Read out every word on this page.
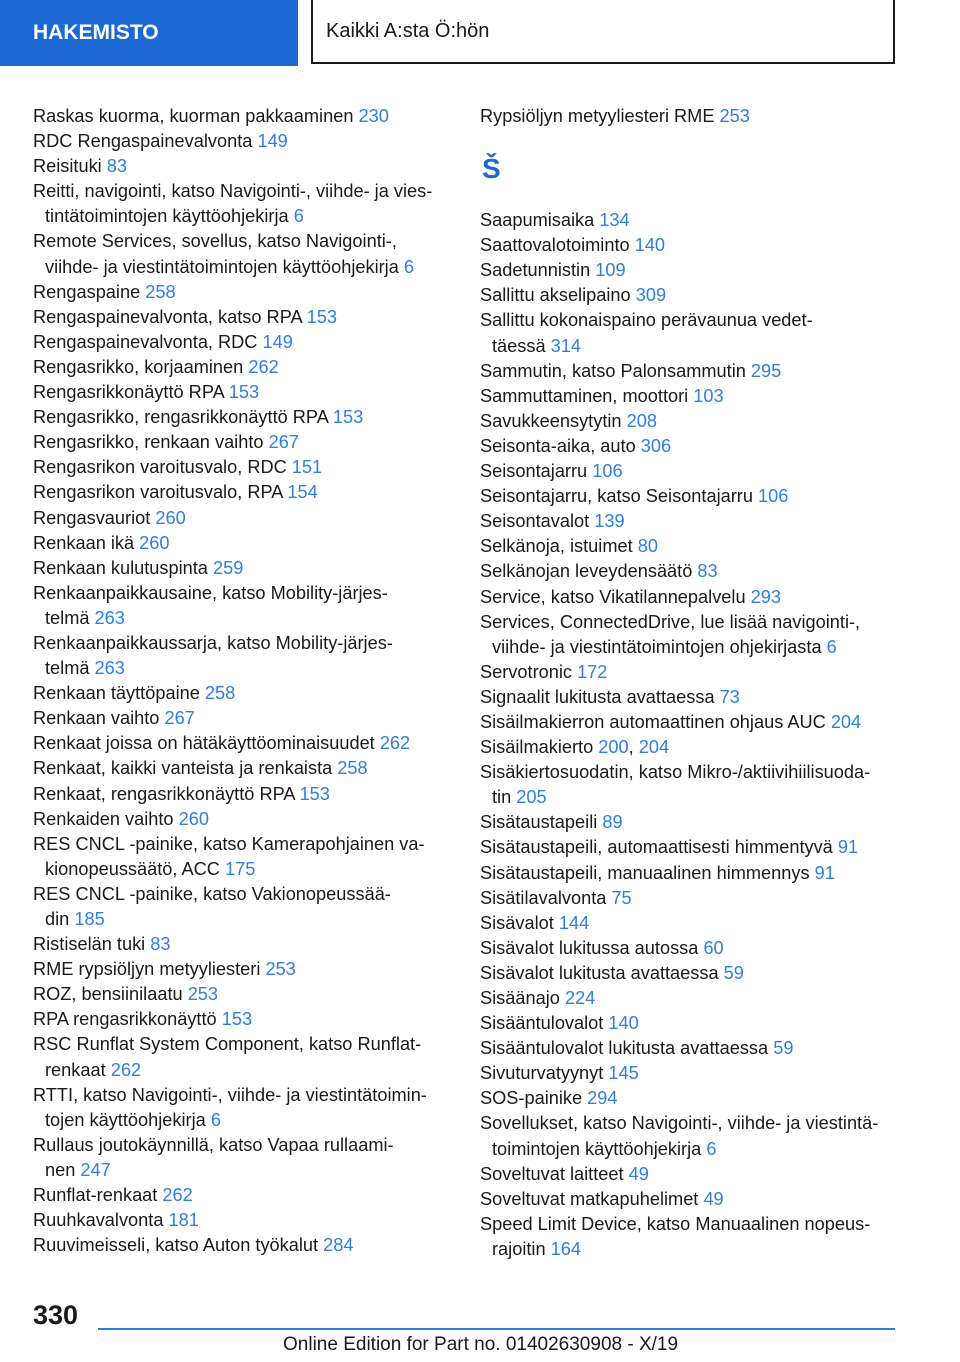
HAKEMISTO	Kaikki A:sta Ö:hön
Raskas kuorma, kuorman pakkaaminen 230
RDC Rengaspainevalvonta 149
Reisituki 83
Reitti, navigointi, katso Navigointi-, viihde- ja vies-
tintätoimintojen käyttöohjekirja 6
Remote Services, sovellus, katso Navigointi-,
viihde- ja viestintätoimintojen käyttöohjekirja 6
Rengaspaine 258
Rengaspainevalvonta, katso RPA 153
Rengaspainevalvonta, RDC 149
Rengasrikko, korjaaminen 262
Rengasrikkonäyttö RPA 153
Rengasrikko, rengasrikkonäyttö RPA 153
Rengasrikko, renkaan vaihto 267
Rengasrikon varoitusvalo, RDC 151
Rengasrikon varoitusvalo, RPA 154
Rengasvauriot 260
Renkaan ikä 260
Renkaan kulutuspinta 259
Renkaanpaikkausaine, katso Mobility-järjes-
telmä 263
Renkaanpaikkaussarja, katso Mobility-järjes-
telmä 263
Renkaan täyttöpaine 258
Renkaan vaihto 267
Renkaat joissa on hätäkäyttöominaisuudet 262
Renkaat, kaikki vanteista ja renkaista 258
Renkaat, rengasrikkonäyttö RPA 153
Renkaiden vaihto 260
RES CNCL -painike, katso Kamerapohjainen va-
kionopeussäätö, ACC 175
RES CNCL -painike, katso Vakionopeussää-
din 185
Ristiselän tuki 83
RME rypsiöljyn metyyliesteri 253
ROZ, bensiinilaatu 253
RPA rengasrikkonäyttö 153
RSC Runflat System Component, katso Runflat-
renkaat 262
RTTI, katso Navigointi-, viihde- ja viestintätoimin-
tojen käyttöohjekirja 6
Rullaus joutokäynnillä, katso Vapaa rullaami-
nen 247
Runflat-renkaat 262
Ruuhkavalvonta 181
Ruuvimeisseli, katso Auton työkalut 284
Rypsiöljyn metyyliesteri RME 253
Š
Saapumisaika 134
Saattovalotoiminto 140
Sadetunnistin 109
Sallittu akselipaino 309
Sallittu kokonaispaino perävaunua vedet-
täessä 314
Sammutin, katso Palonsammutin 295
Sammuttaminen, moottori 103
Savukkeensytytin 208
Seisonta-aika, auto 306
Seisontajarru 106
Seisontajarru, katso Seisontajarru 106
Seisontavalot 139
Selkänoja, istuimet 80
Selkänojan leveydensäätö 83
Service, katso Vikatilannepalvelu 293
Services, ConnectedDrive, lue lisää navigointi-,
viihde- ja viestintätoimintojen ohjekirjasta 6
Servotronic 172
Signaalit lukitusta avattaessa 73
Sisäilmakierron automaattinen ohjaus AUC 204
Sisäilmakierto 200, 204
Sisäkiertosuodatin, katso Mikro-/aktiivihiilisuoda-
tin 205
Sisätaustapeili 89
Sisätaustapeili, automaattisesti himmentyvä 91
Sisätaustapeili, manuaalinen himmennys 91
Sisätilavalvonta 75
Sisävalot 144
Sisävalot lukitussa autossa 60
Sisävalot lukitusta avattaessa 59
Sisäänajo 224
Sisääntulovalot 140
Sisääntulovalot lukitusta avattaessa 59
Sivuturvatyynyt 145
SOS-painike 294
Sovellukset, katso Navigointi-, viihde- ja viestintä-
toimintojen käyttöohjekirja 6
Soveltuvat laitteet 49
Soveltuvat matkapuhelimet 49
Speed Limit Device, katso Manuaalinen nopeus-
rajoitin 164
330
Online Edition for Part no. 01402630908 - X/19
